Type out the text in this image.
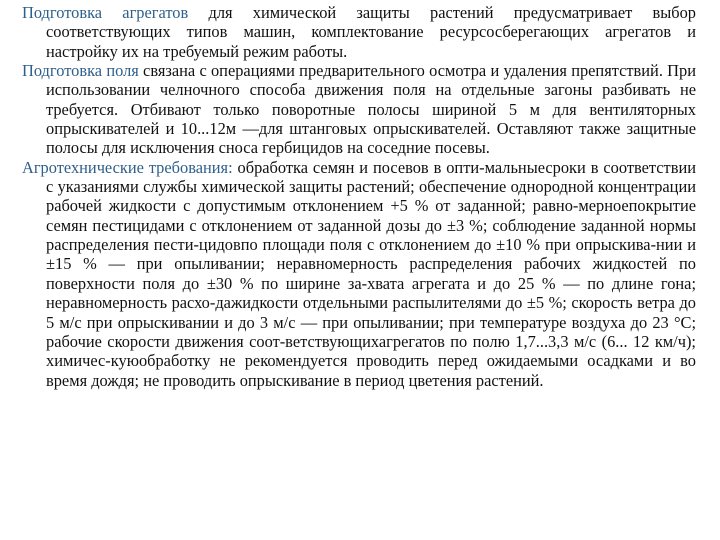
Подготовка агрегатов для химической защиты растений предусматривает выбор соответствующих типов машин, комплектование ресурсосберегающих агрегатов и настройку их на требуемый режим работы.

Подготовка поля связана с операциями предварительного осмотра и удаления препятствий. При использовании челночного способа движения поля на отдельные загоны разбивать не требуется. Отбивают только поворотные полосы шириной 5 м для вентиляторных опрыскивателей и 10...12м —для штанговых опрыскивателей. Оставляют также защитные полосы для исключения сноса гербицидов на соседние посевы.

Агротехнические требования: обработка семян и посевов в опти-мальныесроки в соответствии с указаниями службы химической защиты растений; обеспечение однородной концентрации рабочей жидкости с допустимым отклонением +5 % от заданной; равно-мерноепокрытие семян пестицидами с отклонением от заданной дозы до ±3 %; соблюдение заданной нормы распределения пести-цидовпо площади поля с отклонением до ±10 % при опрыскива-нии и ±15 % — при опыливании; неравномерность распределения рабочих жидкостей по поверхности поля до ±30 % по ширине за-хвата агрегата и до 25 % — по длине гона; неравномерность расхо-дажидкости отдельными распылителями до ±5 %; скорость ветра до 5 м/с при опрыскивании и до 3 м/с — при опыливании; при температуре воздуха до 23 °С; рабочие скорости движения соот-ветствующихагрегатов по полю 1,7...3,3 м/с (6... 12 км/ч); химичес-куюобработку не рекомендуется проводить перед ожидаемыми осадками и во время дождя; не проводить опрыскивание в период цветения растений.
